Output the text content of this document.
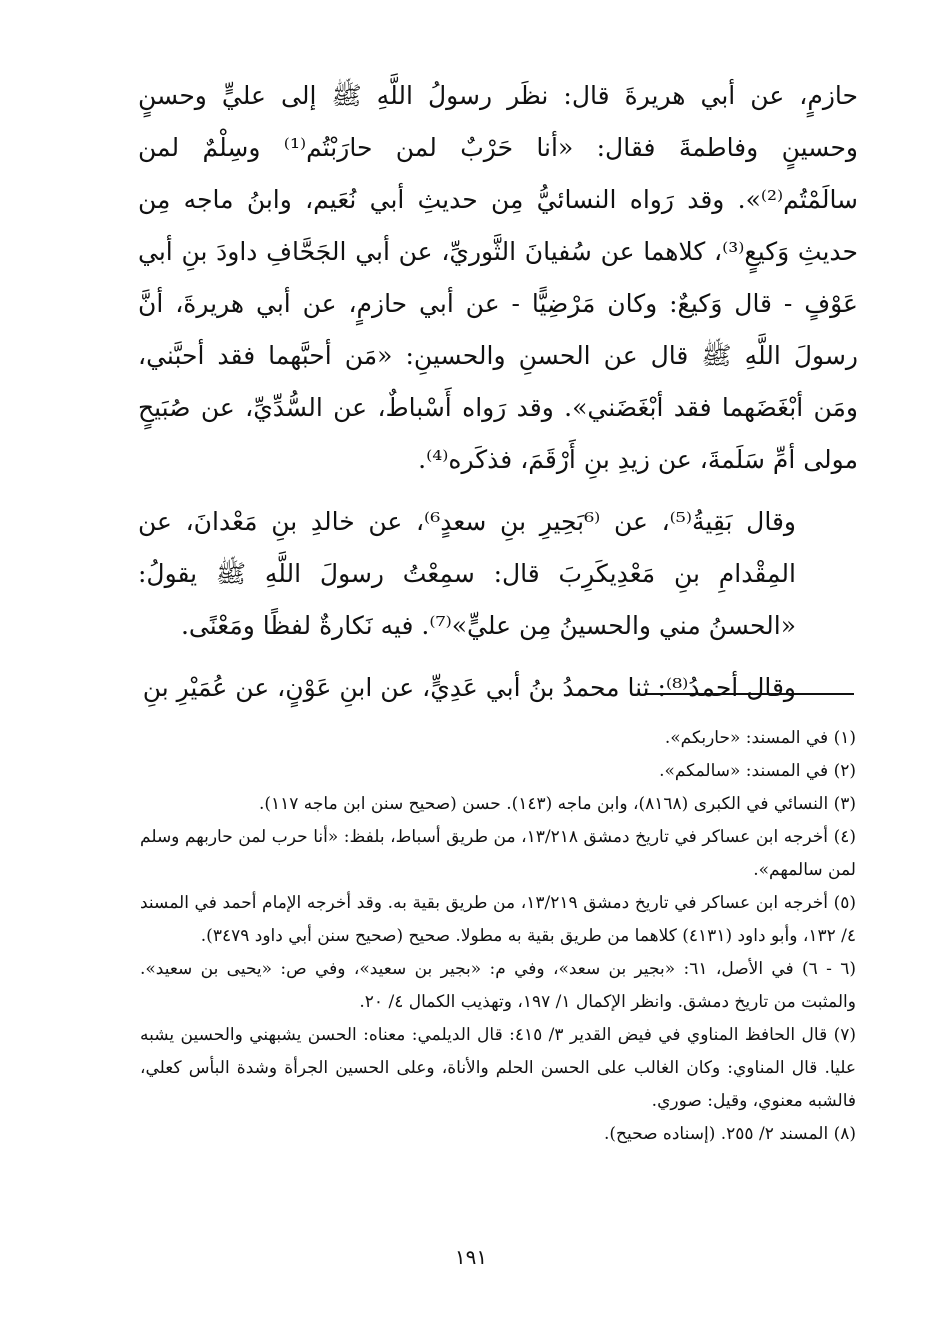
حازمٍ، عن أبي هريرةَ قال: نظَر رسولُ اللَّهِ ﷺ إلى عليٍّ وحسنٍ وحسينٍ وفاطمةَ فقال: «أنا حَرْبٌ لمن حارَبْتُم⁽¹⁾ وسِلْمٌ لمن سالَمْتُم⁽²⁾». وقد رَواه النسائيُّ مِن حديثِ أبي نُعَيم، وابنُ ماجه مِن حديثِ وَكيعٍ⁽³⁾، كلاهما عن سُفيانَ الثَّوريِّ، عن أبي الجَحَّافِ داودَ بنِ أبي عَوْفٍ - قال وَكيعٌ: وكان مَرْضِيًّا - عن أبي حازمٍ، عن أبي هريرةَ، أنَّ رسولَ اللَّهِ ﷺ قال عن الحسنِ والحسينِ: «مَن أحبَّهما فقد أحبَّني، ومَن أبْغَضَهما فقد أبْغَضَني». وقد رَواه أَسْباطٌ، عن السُّدِّيِّ، عن صُبَيحٍ مولى أمِّ سَلَمةَ، عن زيدِ بنِ أَرْقَمَ، فذكَره⁽⁴⁾.

وقال بَقِيةُ⁽⁵⁾، عن ⁽⁶بَحِيرِ بنِ سعدٍ⁶⁾، عن خالدِ بنِ مَعْدانَ، عن المِقْدامِ بنِ مَعْدِيكَرِبَ قال: سمِعْتُ رسولَ اللَّهِ ﷺ يقولُ: «الحسنُ مني والحسينُ مِن عليٍّ»⁽⁷⁾. فيه نَكارةٌ لفظًا ومَعْنًى.

وقال أحمدُ⁽⁸⁾: ثنا محمدُ بنُ أبي عَدِيٍّ، عن ابنِ عَوْنٍ، عن عُمَيْرِ بنِ

(١) في المسند: «حاربكم».

(٢) في المسند: «سالمكم».

(٣) النسائي في الكبرى (٨١٦٨)، وابن ماجه (١٤٣). حسن (صحيح سنن ابن ماجه ١١٧).

(٤) أخرجه ابن عساكر في تاريخ دمشق ١٣/٢١٨، من طريق أسباط، بلفظ: «أنا حرب لمن حاربهم وسلم لمن سالمهم».

(٥) أخرجه ابن عساكر في تاريخ دمشق ١٣/٢١٩، من طريق بقية به. وقد أخرجه الإمام أحمد في المسند ٤/ ١٣٢، وأبو داود (٤١٣١) كلاهما من طريق بقية به مطولا. صحيح (صحيح سنن أبي داود ٣٤٧٩).

(٦ - ٦) في الأصل، ٦١: «بجير بن سعد»، وفي م: «بجير بن سعيد»، وفي ص: «يحيى بن سعيد». والمثبت من تاريخ دمشق. وانظر الإكمال ١/ ١٩٧، وتهذيب الكمال ٤/ ٢٠.

(٧) قال الحافظ المناوي في فيض القدير ٣/ ٤١٥: قال الديلمي: معناه: الحسن يشبهني والحسين يشبه عليا. قال المناوي: وكان الغالب على الحسن الحلم والأناة، وعلى الحسين الجرأة وشدة البأس كعلي، فالشبه معنوي، وقيل: صوري.

(٨) المسند ٢/ ٢٥٥. (إسناده صحيح).

١٩١
